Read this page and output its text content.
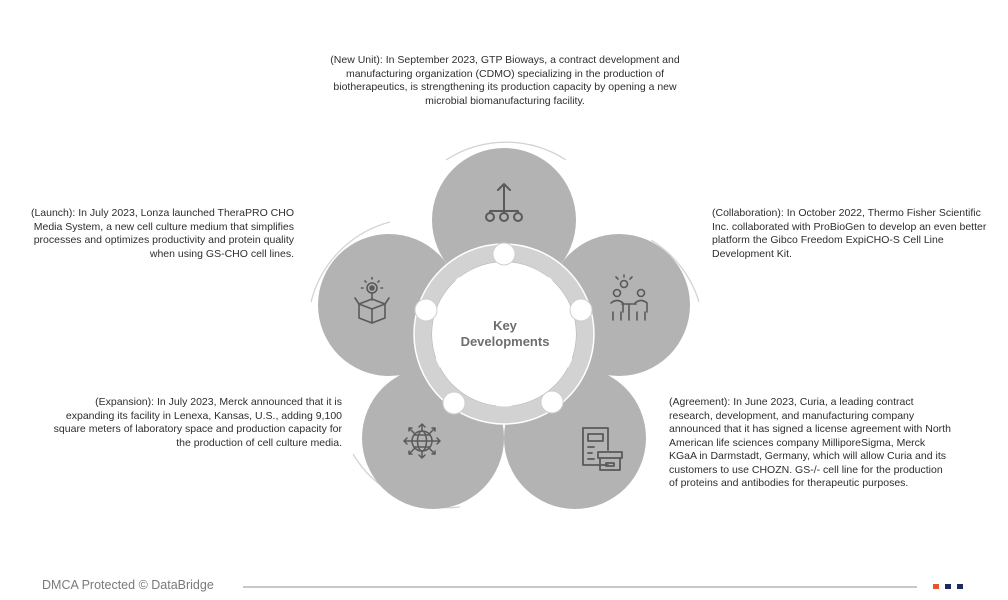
Key
Developments
(New Unit): In September 2023, GTP Bioways, a contract development and manufacturing organization (CDMO) specializing in the production of biotherapeutics, is strengthening its production capacity by opening a new microbial biomanufacturing facility.
(Collaboration): In October 2022, Thermo Fisher Scientific Inc. collaborated with ProBioGen to develop an even better platform the Gibco Freedom ExpiCHO-S Cell Line Development Kit.
(Agreement): In June 2023, Curia, a leading contract research, development, and manufacturing company announced that it has signed a license agreement with North American life sciences company MilliporeSigma, Merck KGaA in Darmstadt, Germany, which will allow Curia and its customers to use CHOZN. GS-/- cell line for the production of proteins and antibodies for therapeutic purposes.
(Expansion): In July 2023, Merck announced that it is expanding its facility in Lenexa, Kansas, U.S., adding 9,100 square meters of laboratory space and production capacity for the production of cell culture media.
(Launch): In July 2023, Lonza launched TheraPRO CHO Media System, a new cell culture medium that simplifies processes and optimizes productivity and protein quality when using GS-CHO cell lines.
DMCA Protected © DataBridge
